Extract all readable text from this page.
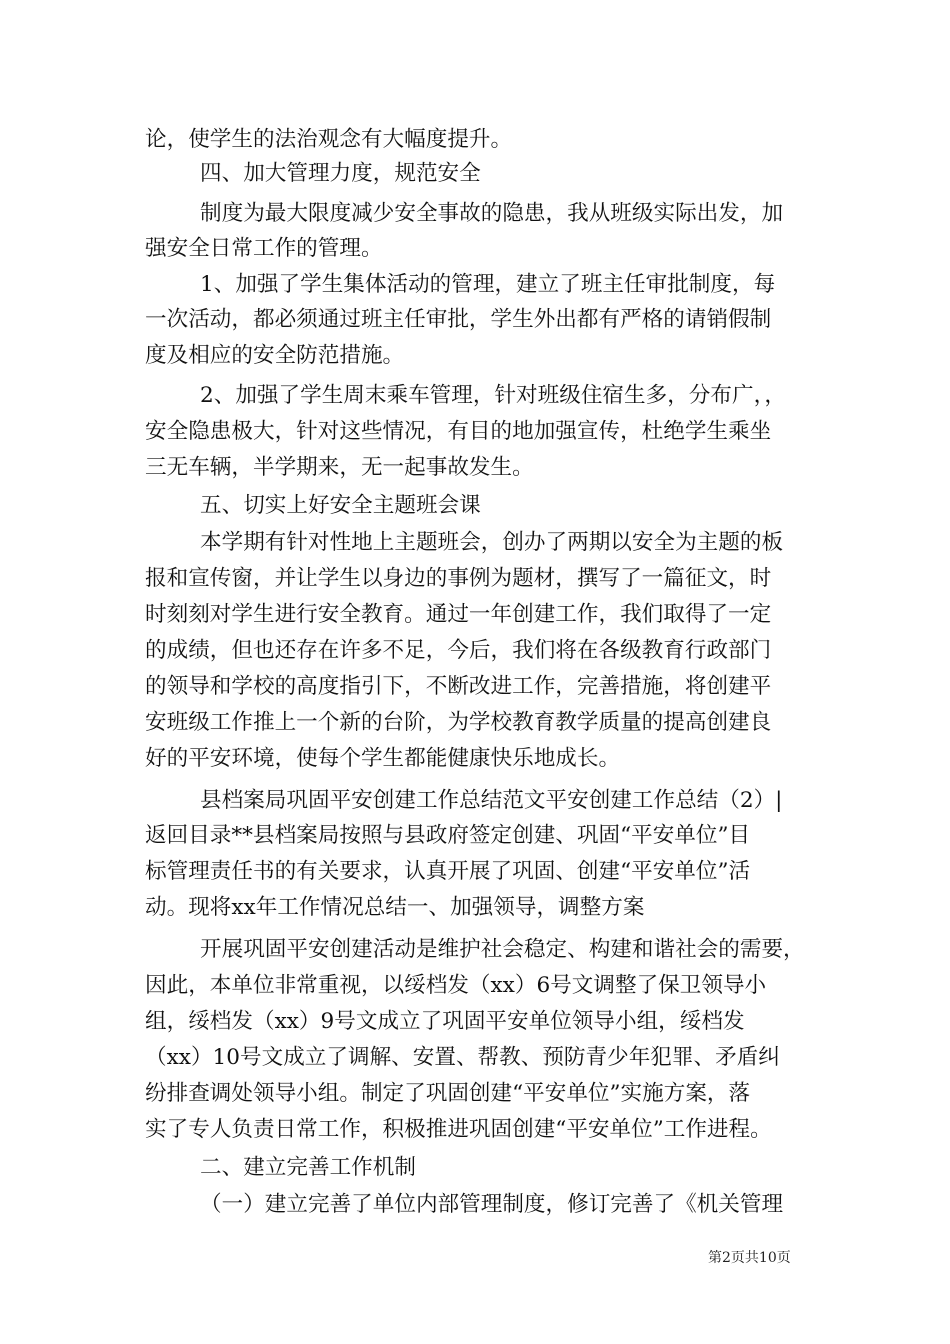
论，使学生的法治观念有大幅度提升。
四、加大管理力度，规范安全
制度为最大限度减少安全事故的隐患，我从班级实际出发，加
强安全日常工作的管理。
1、加强了学生集体活动的管理，建立了班主任审批制度，每
一次活动，都必须通过班主任审批，学生外出都有严格的请销假制
度及相应的安全防范措施。
2、加强了学生周末乘车管理，针对班级住宿生多，分布广，，
安全隐患极大，针对这些情况，有目的地加强宣传，杜绝学生乘坐
三无车辆，半学期来，无一起事故发生。
五、切实上好安全主题班会课
本学期有针对性地上主题班会，创办了两期以安全为主题的板
报和宣传窗，并让学生以身边的事例为题材，撰写了一篇征文，时
时刻刻对学生进行安全教育。通过一年创建工作，我们取得了一定
的成绩，但也还存在许多不足，今后，我们将在各级教育行政部门
的领导和学校的高度指引下，不断改进工作，完善措施，将创建平
安班级工作推上一个新的台阶，为学校教育教学质量的提高创建良
好的平安环境，使每个学生都能健康快乐地成长。
县档案局巩固平安创建工作总结范文平安创建工作总结（2）|
返回目录**县档案局按照与县政府签定创建、巩固“平安单位”目
标管理责任书的有关要求，认真开展了巩固、创建“平安单位”活
动。现将xx年工作情况总结一、加强领导，调整方案
开展巩固平安创建活动是维护社会稳定、构建和谐社会的需要，
因此，本单位非常重视，以绥档发（xx）6号文调整了保卫领导小
组，绥档发（xx）9号文成立了巩固平安单位领导小组，绥档发
（xx）10号文成立了调解、安置、帮教、预防青少年犯罪、矛盾纠
纷排查调处领导小组。制定了巩固创建“平安单位”实施方案，落
实了专人负责日常工作，积极推进巩固创建“平安单位”工作进程。
二、建立完善工作机制
（一）建立完善了单位内部管理制度，修订完善了《机关管理
第2页共10页
